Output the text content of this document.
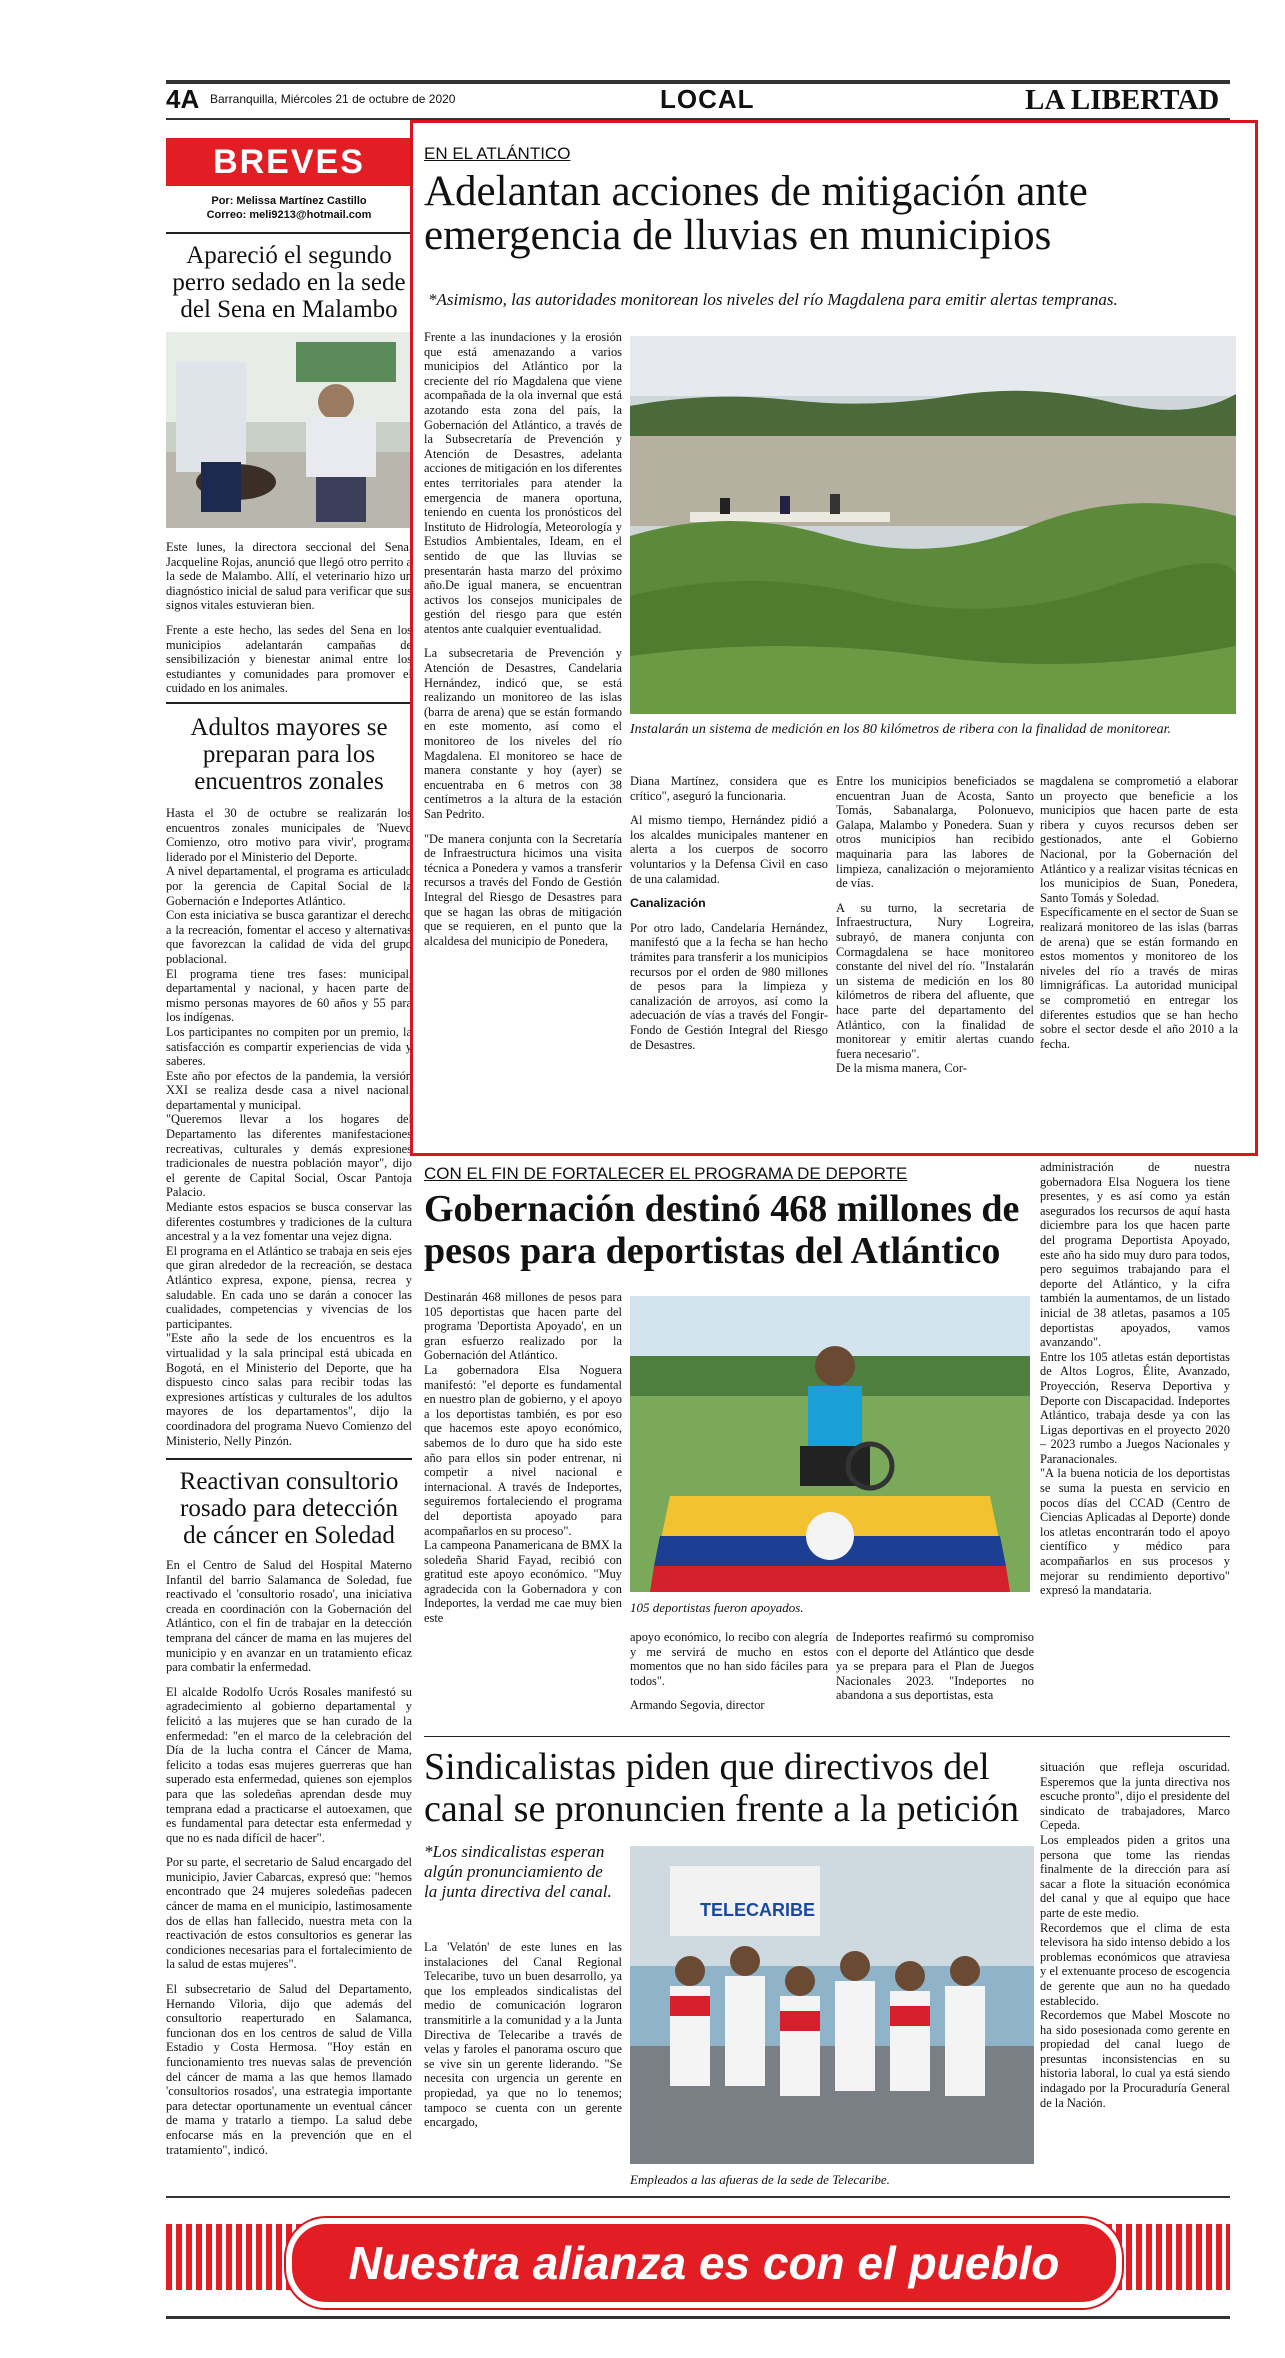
4A Barranquilla, Miércoles 21 de octubre de 2020	LOCAL	LA LIBERTAD
BREVES
Por: Melissa Martínez Castillo
Correo: meli9213@hotmail.com
Apareció el segundo perro sedado en la sede del Sena en Malambo

Este lunes, la directora seccional del Sena, Jacqueline Rojas, anunció que llegó otro perrito a la sede de Malambo. Allí, el veterinario hizo un diagnóstico inicial de salud para verificar que sus signos vitales estuvieran bien.

Frente a este hecho, las sedes del Sena en los municipios adelantarán campañas de sensibilización y bienestar animal entre los estudiantes y comunidades para promover el cuidado en los animales.

Adultos mayores se preparan para los encuentros zonales

Hasta el 30 de octubre se realizarán los encuentros zonales municipales de 'Nuevo Comienzo, otro motivo para vivir', programa liderado por el Ministerio del Deporte.

A nivel departamental, el programa es articulado por la gerencia de Capital Social de la Gobernación e Indeportes Atlántico.

Con esta iniciativa se busca garantizar el derecho a la recreación, fomentar el acceso y alternativas que favorezcan la calidad de vida del grupo poblacional.

El programa tiene tres fases: municipal, departamental y nacional, y hacen parte del mismo personas mayores de 60 años y 55 para los indígenas.

Los participantes no compiten por un premio, la satisfacción es compartir experiencias de vida y saberes.

Este año por efectos de la pandemia, la versión XXI se realiza desde casa a nivel nacional, departamental y municipal.

"Queremos llevar a los hogares del Departamento las diferentes manifestaciones recreativas, culturales y demás expresiones tradicionales de nuestra población mayor", dijo el gerente de Capital Social, Oscar Pantoja Palacio.

Mediante estos espacios se busca conservar las diferentes costumbres y tradiciones de la cultura ancestral y a la vez fomentar una vejez digna.

El programa en el Atlántico se trabaja en seis ejes que giran alrededor de la recreación, se destaca Atlántico expresa, expone, piensa, recrea y saludable. En cada uno se darán a conocer las cualidades, competencias y vivencias de los participantes.

"Este año la sede de los encuentros es la virtualidad y la sala principal está ubicada en Bogotá, en el Ministerio del Deporte, que ha dispuesto cinco salas para recibir todas las expresiones artísticas y culturales de los adultos mayores de los departamentos", dijo la coordinadora del programa Nuevo Comienzo del Ministerio, Nelly Pinzón.

Reactivan consultorio rosado para detección de cáncer en Soledad

En el Centro de Salud del Hospital Materno Infantil del barrio Salamanca de Soledad, fue reactivado el 'consultorio rosado', una iniciativa creada en coordinación con la Gobernación del Atlántico, con el fin de trabajar en la detección temprana del cáncer de mama en las mujeres del municipio y en avanzar en un tratamiento eficaz para combatir la enfermedad.

El alcalde Rodolfo Ucrós Rosales manifestó su agradecimiento al gobierno departamental y felicitó a las mujeres que se han curado de la enfermedad: "en el marco de la celebración del Día de la lucha contra el Cáncer de Mama, felicito a todas esas mujeres guerreras que han superado esta enfermedad, quienes son ejemplos para que las soledeñas aprendan desde muy temprana edad a practicarse el autoexamen, que es fundamental para detectar esta enfermedad y que no es nada difícil de hacer".

Por su parte, el secretario de Salud encargado del municipio, Javier Cabarcas, expresó que: "hemos encontrado que 24 mujeres soledeñas padecen cáncer de mama en el municipio, lastimosamente dos de ellas han fallecido, nuestra meta con la reactivación de estos consultorios es generar las condiciones necesarias para el fortalecimiento de la salud de estas mujeres".

El subsecretario de Salud del Departamento, Hernando Viloria, dijo que además del consultorio reaperturado en Salamanca, funcionan dos en los centros de salud de Villa Estadio y Costa Hermosa. "Hoy están en funcionamiento tres nuevas salas de prevención del cáncer de mama a las que hemos llamado 'consultorios rosados', una estrategia importante para detectar oportunamente un eventual cáncer de mama y tratarlo a tiempo. La salud debe enfocarse más en la prevención que en el tratamiento", indicó.

EN EL ATLÁNTICO
Adelantan acciones de mitigación ante emergencia de lluvias en municipios
*Asimismo, las autoridades monitorean los niveles del río Magdalena para emitir alertas tempranas.

Frente a las inundaciones y la erosión que está amenazando a varios municipios del Atlántico por la creciente del río Magdalena que viene acompañada de la ola invernal que está azotando esta zona del país, la Gobernación del Atlántico, a través de la Subsecretaría de Prevención y Atención de Desastres, adelanta acciones de mitigación en los diferentes entes territoriales para atender la emergencia de manera oportuna, teniendo en cuenta los pronósticos del Instituto de Hidrología, Meteorología y Estudios Ambientales, Ideam, en el sentido de que las lluvias se presentarán hasta marzo del próximo año.De igual manera, se encuentran activos los consejos municipales de gestión del riesgo para que estén atentos ante cualquier eventualidad.

La subsecretaria de Prevención y Atención de Desastres, Candelaria Hernández, indicó que, se está realizando un monitoreo de las islas (barra de arena) que se están formando en este momento, así como el monitoreo de los niveles del río Magdalena. El monitoreo se hace de manera constante y hoy (ayer) se encuentraba en 6 metros con 38 centímetros a la altura de la estación San Pedrito.

"De manera conjunta con la Secretaría de Infraestructura hicimos una visita técnica a Ponedera y vamos a transferir recursos a través del Fondo de Gestión Integral del Riesgo de Desastres para que se hagan las obras de mitigación que se requieren, en el punto que la alcaldesa del municipio de Ponedera,

Instalarán un sistema de medición en los 80 kilómetros de ribera con la finalidad de monitorear.

Diana Martínez, considera que es crítico", aseguró la funcionaria.

Al mismo tiempo, Hernández pidió a los alcaldes municipales mantener en alerta a los cuerpos de socorro voluntarios y la Defensa Civil en caso de una calamidad.

Canalización

Por otro lado, Candelaria Hernández, manifestó que a la fecha se han hecho trámites para transferir a los municipios recursos por el orden de 980 millones de pesos para la limpieza y canalización de arroyos, así como la adecuación de vías a través del Fongir- Fondo de Gestión Integral del Riesgo de Desastres.

Entre los municipios beneficiados se encuentran Juan de Acosta, Santo Tomás, Sabanalarga, Polonuevo, Galapa, Malambo y Ponedera. Suan y otros municipios han recibido maquinaria para las labores de limpieza, canalización o mejoramiento de vías.

A su turno, la secretaria de Infraestructura, Nury Logreira, subrayó, de manera conjunta con Cormagdalena se hace monitoreo constante del nivel del río. "Instalarán un sistema de medición en los 80 kilómetros de ribera del afluente, que hace parte del departamento del Atlántico, con la finalidad de monitorear y emitir alertas cuando fuera necesario".

De la misma manera, Cor-

magdalena se comprometió a elaborar un proyecto que beneficie a los municipios que hacen parte de esta ribera y cuyos recursos deben ser gestionados, ante el Gobierno Nacional, por la Gobernación del Atlántico y a realizar visitas técnicas en los municipios de Suan, Ponedera, Santo Tomás y Soledad.

Específicamente en el sector de Suan se realizará monitoreo de las islas (barras de arena) que se están formando en estos momentos y monitoreo de los niveles del río a través de miras limnigráficas. La autoridad municipal se comprometió en entregar los diferentes estudios que se han hecho sobre el sector desde el año 2010 a la fecha.

CON EL FIN DE FORTALECER EL PROGRAMA DE DEPORTE
Gobernación destinó 468 millones de pesos para deportistas del Atlántico

Destinarán 468 millones de pesos para 105 deportistas que hacen parte del programa 'Deportista Apoyado', en un gran esfuerzo realizado por la Gobernación del Atlántico.

La gobernadora Elsa Noguera manifestó: "el deporte es fundamental en nuestro plan de gobierno, y el apoyo a los deportistas también, es por eso que hacemos este apoyo económico, sabemos de lo duro que ha sido este año para ellos sin poder entrenar, ni competir a nivel nacional e internacional. A través de Indeportes, seguiremos fortaleciendo el programa del deportista apoyado para acompañarlos en su proceso".

La campeona Panamericana de BMX la soledeña Sharid Fayad, recibió con gratitud este apoyo económico. "Muy agradecida con la Gobernadora y con Indeportes, la verdad me cae muy bien este

105 deportistas fueron apoyados.

apoyo económico, lo recibo con alegría y me servirá de mucho en estos momentos que no han sido fáciles para todos".

Armando Segovia, director

de Indeportes reafirmó su compromiso con el deporte del Atlántico que desde ya se prepara para el Plan de Juegos Nacionales 2023. "Indeportes no abandona a sus deportistas, esta

administración de nuestra gobernadora Elsa Noguera los tiene presentes, y es así como ya están asegurados los recursos de aquí hasta diciembre para los que hacen parte del programa Deportista Apoyado, este año ha sido muy duro para todos, pero seguimos trabajando para el deporte del Atlántico, y la cifra también la aumentamos, de un listado inicial de 38 atletas, pasamos a 105 deportistas apoyados, vamos avanzando".

Entre los 105 atletas están deportistas de Altos Logros, Élite, Avanzado, Proyección, Reserva Deportiva y Deporte con Discapacidad. Indeportes Atlántico, trabaja desde ya con las Ligas deportivas en el proyecto 2020 – 2023 rumbo a Juegos Nacionales y Paranacionales.

"A la buena noticia de los deportistas se suma la puesta en servicio en pocos días del CCAD (Centro de Ciencias Aplicadas al Deporte) donde los atletas encontrarán todo el apoyo científico y médico para acompañarlos en sus procesos y mejorar su rendimiento deportivo" expresó la mandataria.

Sindicalistas piden que directivos del canal se pronuncien frente a la petición
*Los sindicalistas esperan algún pronunciamiento de la junta directiva del canal.

La 'Velatón' de este lunes en las instalaciones del Canal Regional Telecaribe, tuvo un buen desarrollo, ya que los empleados sindicalistas del medio de comunicación lograron transmitirle a la comunidad y a la Junta Directiva de Telecaribe a través de velas y faroles el panorama oscuro que se vive sin un gerente liderando. "Se necesita con urgencia un gerente en propiedad, ya que no lo tenemos; tampoco se cuenta con un gerente encargado,

TELECARIBE
Empleados a las afueras de la sede de Telecaribe.

situación que refleja oscuridad. Esperemos que la junta directiva nos escuche pronto", dijo el presidente del sindicato de trabajadores, Marco Cepeda.

Los empleados piden a gritos una persona que tome las riendas finalmente de la dirección para así sacar a flote la situación económica del canal y que al equipo que hace parte de este medio.

Recordemos que el clima de esta televisora ha sido intenso debido a los problemas económicos que atraviesa y el extenuante proceso de escogencia de gerente que aun no ha quedado establecido.

Recordemos que Mabel Moscote no ha sido posesionada como gerente en propiedad del canal luego de presuntas inconsistencias en su historia laboral, lo cual ya está siendo indagado por la Procuraduría General de la Nación.

Nuestra alianza es con el pueblo
